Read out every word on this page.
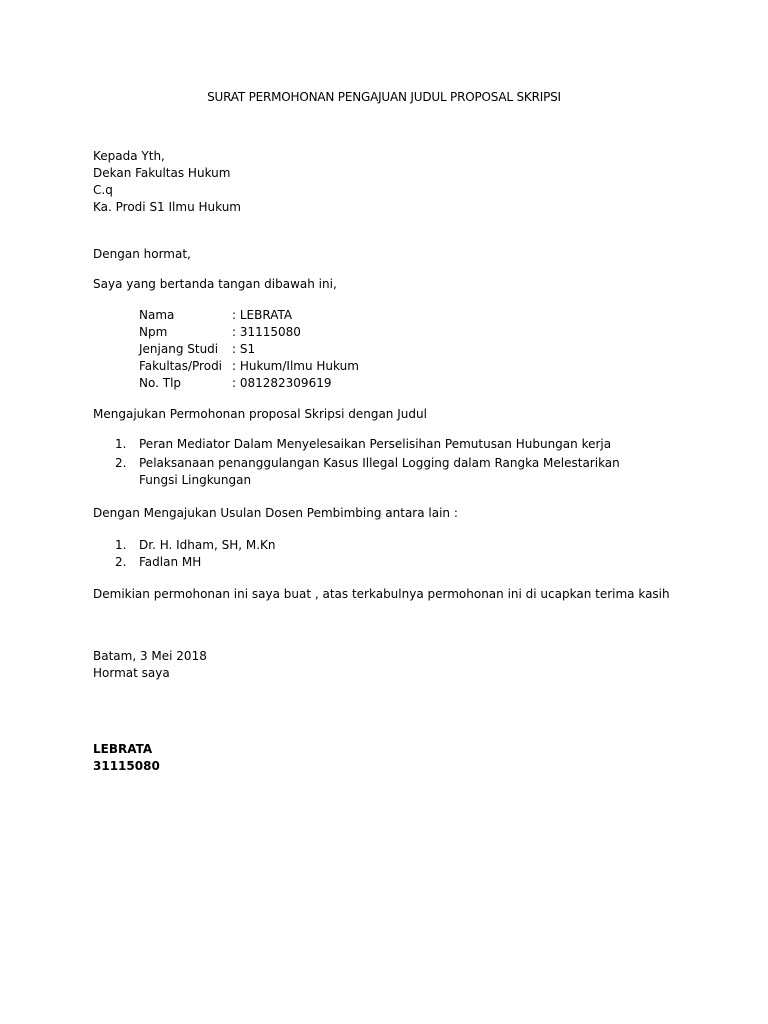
SURAT PERMOHONAN PENGAJUAN JUDUL PROPOSAL SKRIPSI
Kepada Yth,
Dekan Fakultas Hukum
C.q
Ka. Prodi S1 Ilmu Hukum
Dengan hormat,
Saya yang bertanda tangan dibawah ini,
Nama	: LEBRATA
Npm	: 31115080
Jenjang Studi	: S1
Fakultas/Prodi : Hukum/Ilmu Hukum
No. Tlp	: 081282309619
Mengajukan Permohonan proposal Skripsi dengan Judul
1.	Peran Mediator Dalam Menyelesaikan Perselisihan Pemutusan Hubungan kerja
2.	Pelaksanaan penanggulangan Kasus Illegal Logging dalam Rangka Melestarikan Fungsi Lingkungan
Dengan Mengajukan Usulan Dosen Pembimbing antara lain :
1.	Dr. H. Idham, SH, M.Kn
2.	Fadlan MH
Demikian permohonan ini saya buat , atas terkabulnya permohonan ini di ucapkan terima kasih
Batam, 3 Mei 2018
Hormat saya
LEBRATA
31115080
